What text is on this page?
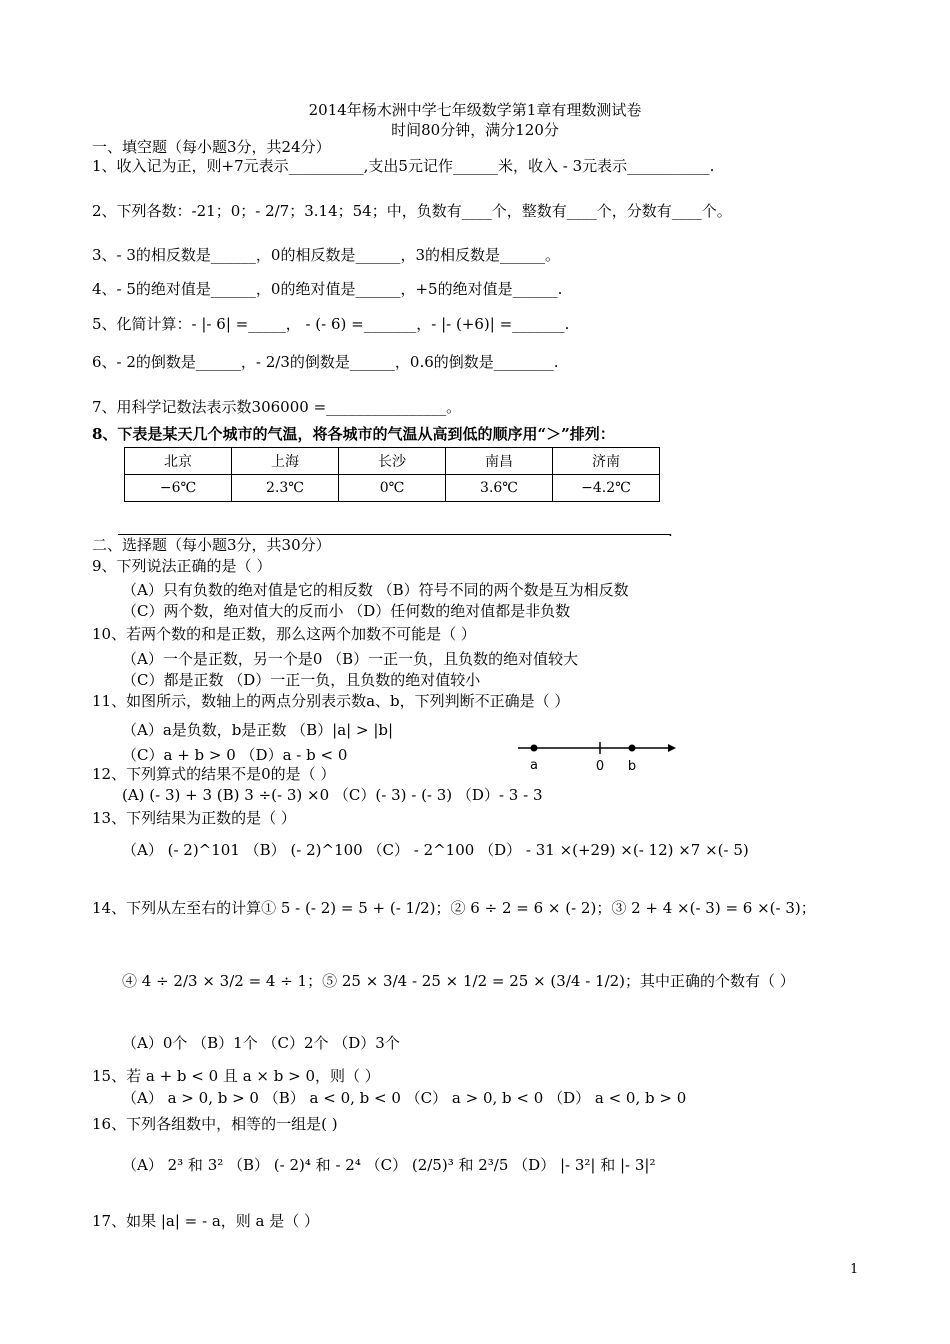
2014年杨木洲中学七年级数学第1章有理数测试卷
时间80分钟，满分120分
一、填空题（每小题3分，共24分）
1、收入记为正，则+7元表示__________,支出5元记作______米，收入 - 3元表示___________.
2、下列各数：-21；0；- 2/7；3.14；54；中，负数有____个，整数有____个，分数有____个。
3、- 3的相反数是______，0的相反数是______，3的相反数是______。
4、- 5的绝对值是______，0的绝对值是______，+5的绝对值是______.
5、化简计算：- |- 6| =_____， - (- 6) =_______，- |- (+6)| =_______.
6、- 2的倒数是______，- 2/3的倒数是______，0.6的倒数是________.
7、用科学记数法表示数306000 =________________。
8、下表是某天几个城市的气温，将各城市的气温从高到低的顺序用“＞”排列：
北京	上海	长沙	南昌	济南
−6℃	2.3℃	0℃	3.6℃	−4.2℃
.
二、选择题（每小题3分，共30分）
9、下列说法正确的是（ ）
（A）只有负数的绝对值是它的相反数 （B）符号不同的两个数是互为相反数
（C）两个数，绝对值大的反而小 （D）任何数的绝对值都是非负数
10、若两个数的和是正数，那么这两个加数不可能是（ ）
（A）一个是正数，另一个是0 （B）一正一负，且负数的绝对值较大
（C）都是正数 （D）一正一负，且负数的绝对值较小
11、如图所示，数轴上的两点分别表示数a、b，下列判断不正确是（ ）
（A）a是负数，b是正数 （B）|a| > |b|
（C）a + b > 0 （D）a - b < 0
a	0 b
12、下列算式的结果不是0的是（ ）
(A) (- 3) + 3 (B) 3 ÷(- 3) ×0 （C）(- 3) - (- 3) （D）- 3 - 3
13、下列结果为正数的是（ ）
（A） (- 2)^101 （B） (- 2)^100 （C） - 2^100 （D） - 31 ×(+29) ×(- 12) ×7 ×(- 5)
14、下列从左至右的计算① 5 - (- 2) = 5 + (- 1/2)；② 6 ÷ 2 = 6 × (- 2)；③ 2 + 4 ×(- 3) = 6 ×(- 3)；
④ 4 ÷ 2/3 × 3/2 = 4 ÷ 1；⑤ 25 × 3/4 - 25 × 1/2 = 25 × (3/4 - 1/2)；其中正确的个数有（ ）
（A）0个 （B）1个 （C）2个 （D）3个
15、若 a + b < 0 且 a × b > 0，则（ ）
（A） a > 0, b > 0 （B） a < 0, b < 0 （C） a > 0, b < 0 （D） a < 0, b > 0
16、下列各组数中，相等的一组是( )
（A） 2³ 和 3² （B） (- 2)⁴ 和 - 2⁴ （C） (2/5)³ 和 2³/5 （D） |- 3²| 和 |- 3|²
17、如果 |a| = - a，则 a 是（ ）
1
